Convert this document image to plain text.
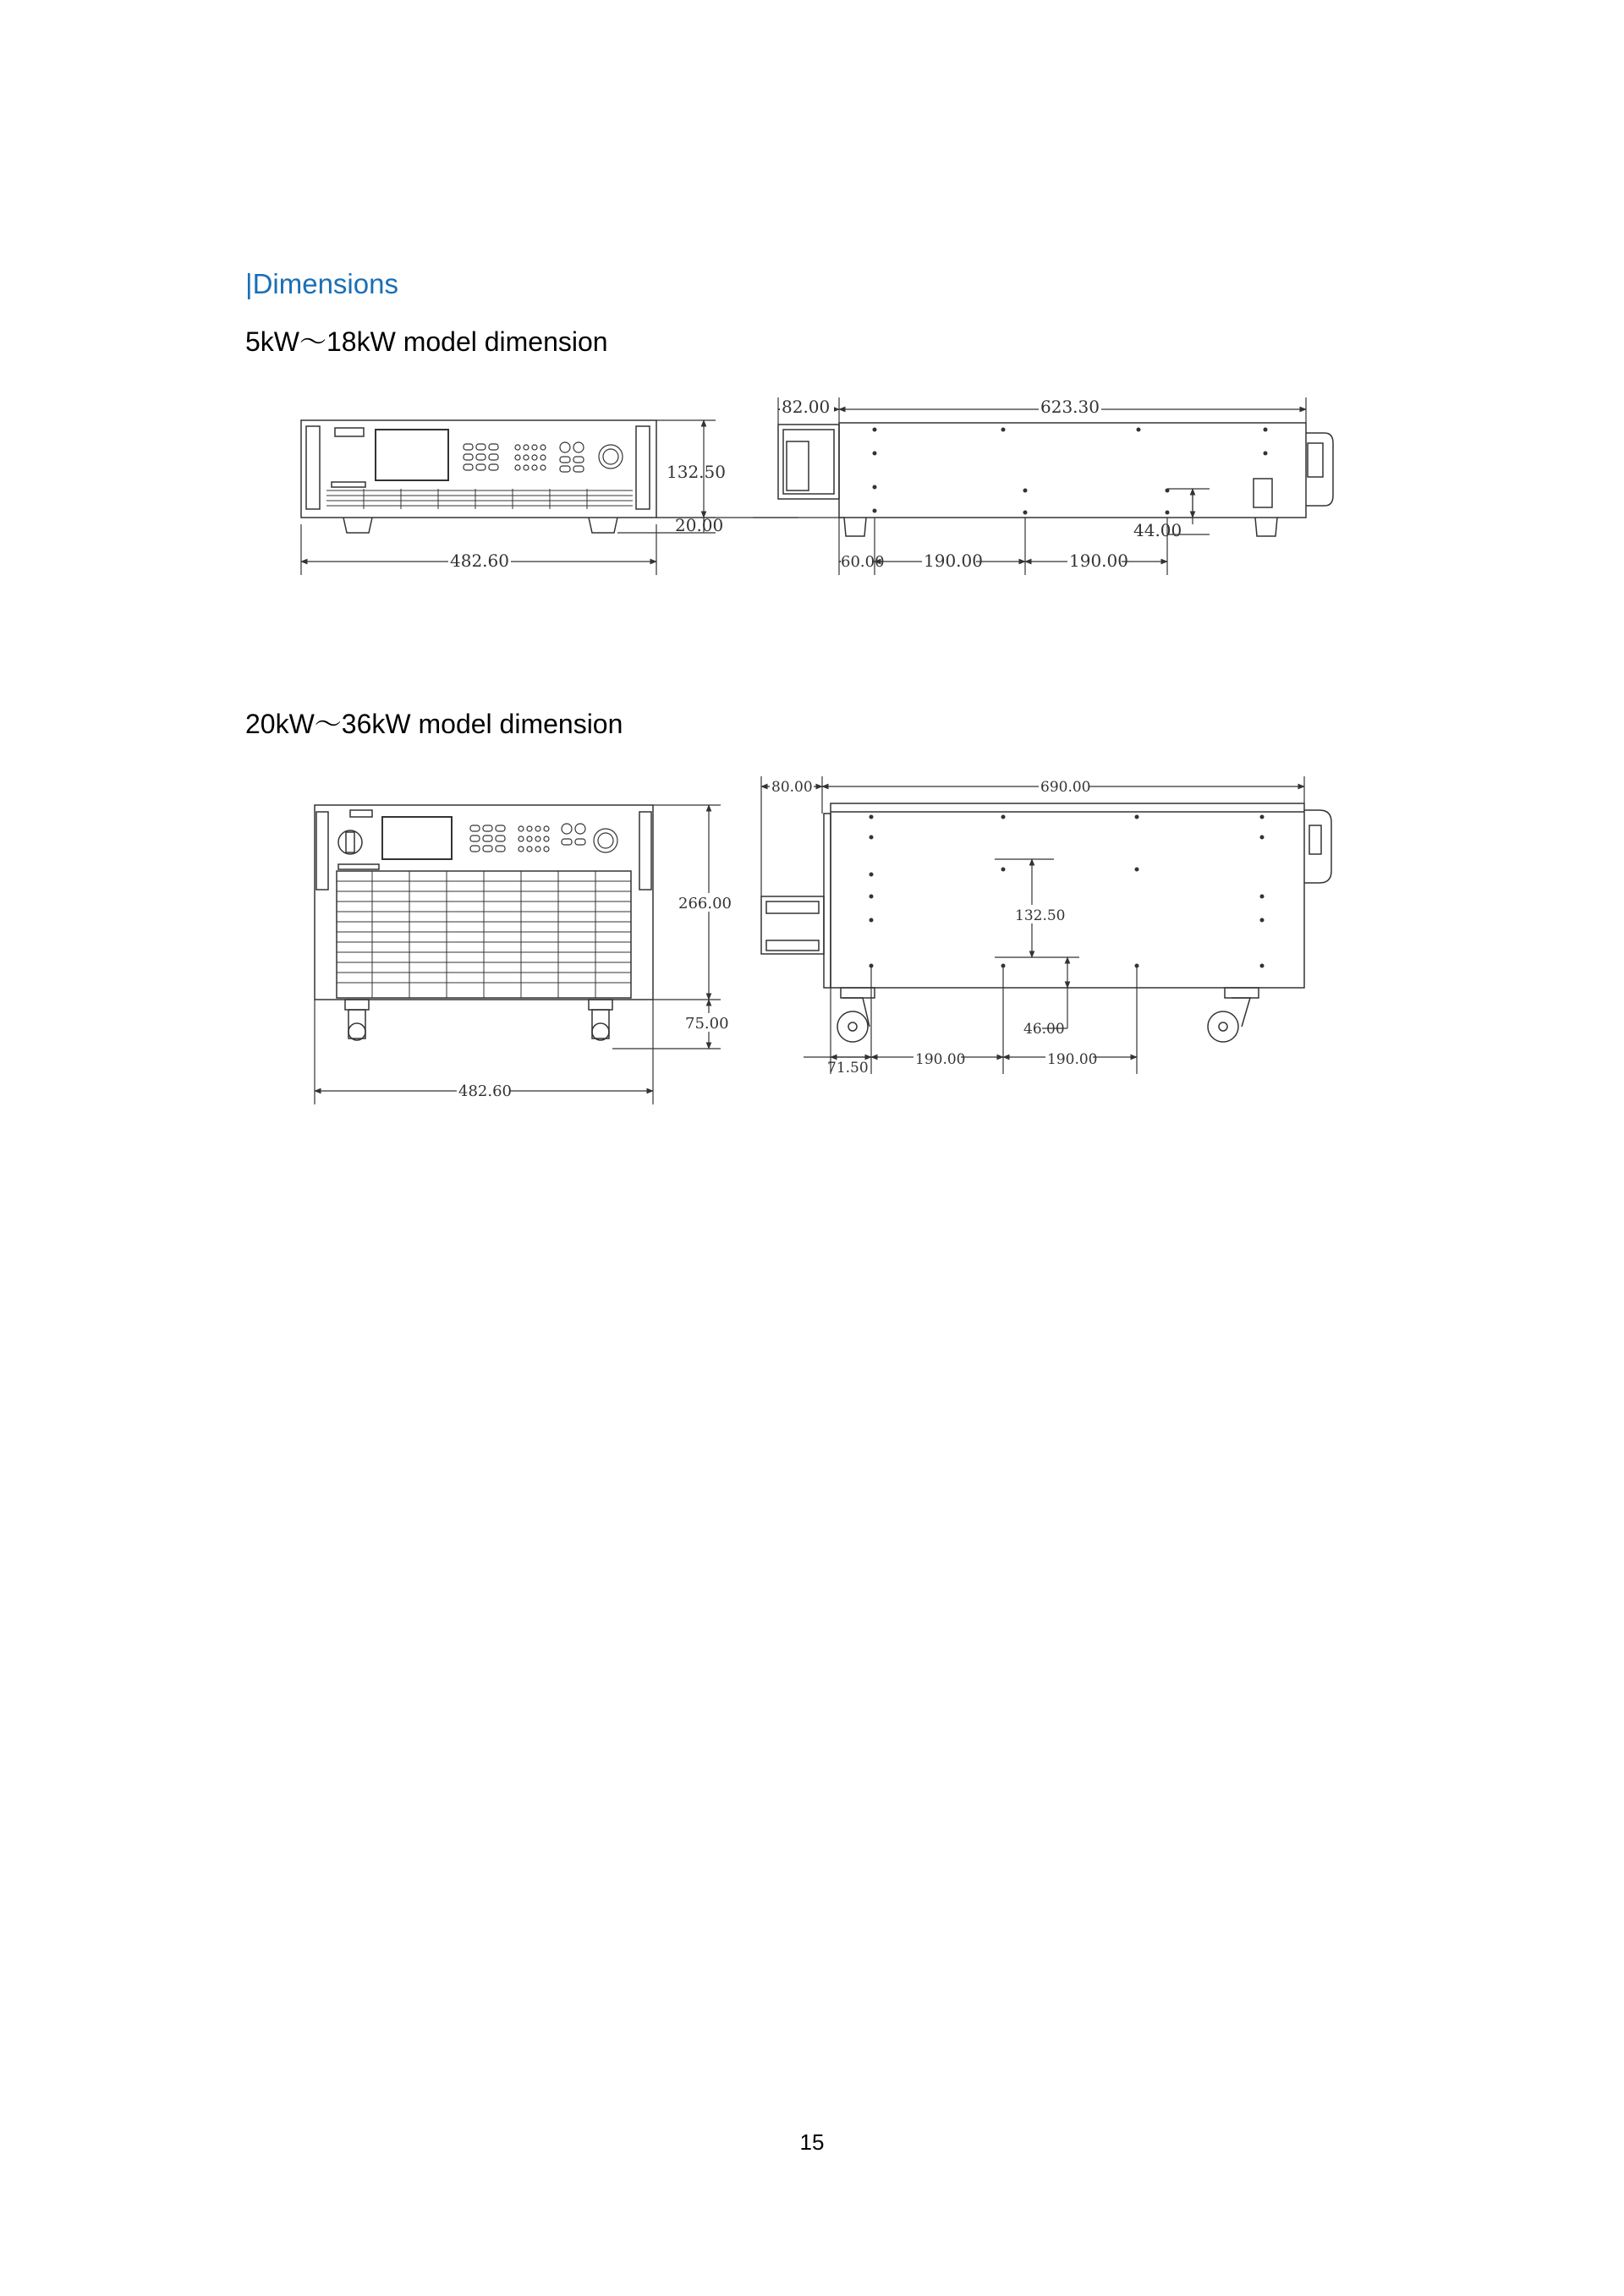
|Dimensions
5kW～18kW model dimension
20kW～36kW model dimension
132.50
20.00
482.60
82.00	623.30
44.00
60.00 190.00	190.00
266.00
75.00
482.60
80.00	690.00
132.50
46.00
71.50	190.00	190.00
15
